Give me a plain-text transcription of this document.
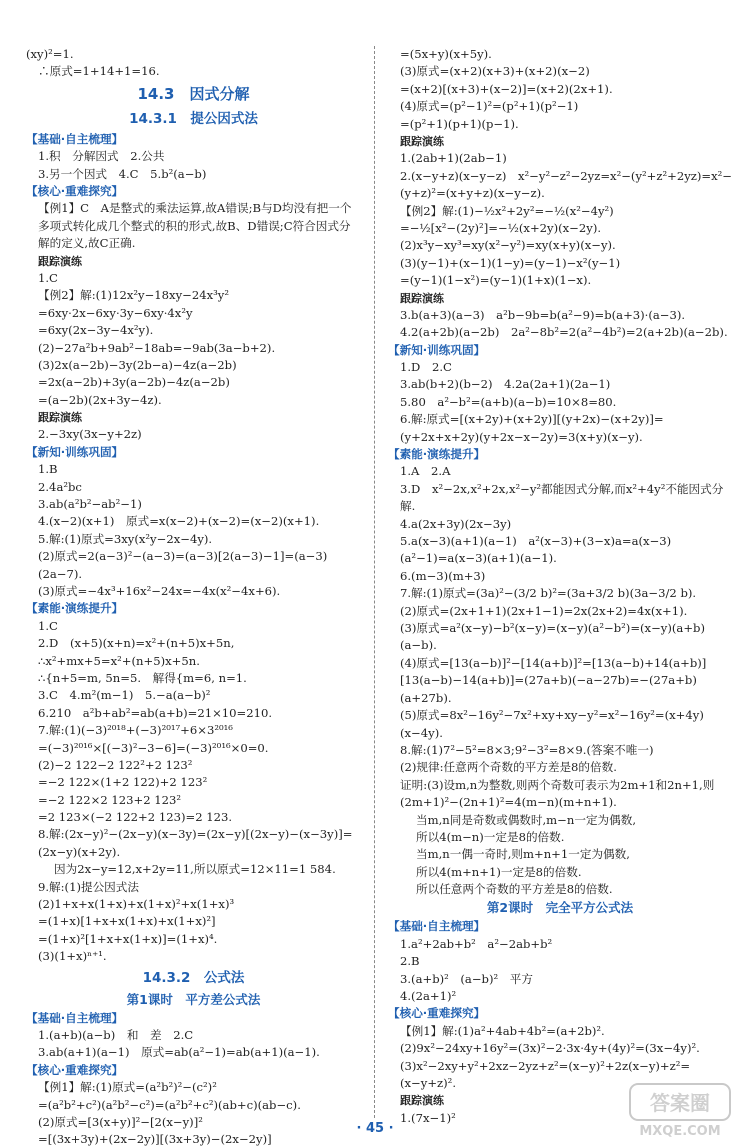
(xy)²=1.
∴原式=1+14+1=16.
14.3　因式分解
14.3.1　提公因式法
【基础·自主梳理】
1.积　分解因式　2.公共
3.另一个因式　4.C　5.b²(a−b)
【核心·重难探究】
【例1】C　A是整式的乘法运算,故A错误;B与D均没有把一个多项式转化成几个整式的积的形式,故B、D错误;C符合因式分解的定义,故C正确.
跟踪演练
1.C
【例2】解:(1)12x²y−18xy−24x³y²
=6xy·2x−6xy·3y−6xy·4x²y
=6xy(2x−3y−4x²y).
(2)−27a²b+9ab²−18ab=−9ab(3a−b+2).
(3)2x(a−2b)−3y(2b−a)−4z(a−2b)
=2x(a−2b)+3y(a−2b)−4z(a−2b)
=(a−2b)(2x+3y−4z).
跟踪演练
2.−3xy(3x−y+2z)
【新知·训练巩固】
1.B
2.4a²bc
3.ab(a²b²−ab²−1)
4.(x−2)(x+1)　原式=x(x−2)+(x−2)=(x−2)(x+1).
5.解:(1)原式=3xy(x²y−2x−4y).
(2)原式=2(a−3)²−(a−3)=(a−3)[2(a−3)−1]=(a−3)(2a−7).
(3)原式=−4x³+16x²−24x=−4x(x²−4x+6).
【素能·演练提升】
1.C
2.D　(x+5)(x+n)=x²+(n+5)x+5n,
∴x²+mx+5=x²+(n+5)x+5n.
∴{n+5=m, 5n=5.　解得{m=6, n=1.
3.C　4.m²(m−1)　5.−a(a−b)²
6.210　a²b+ab²=ab(a+b)=21×10=210.
7.解:(1)(−3)²⁰¹⁸+(−3)²⁰¹⁷+6×3²⁰¹⁶
=(−3)²⁰¹⁶×[(−3)²−3−6]=(−3)²⁰¹⁶×0=0.
(2)−2 122−2 122²+2 123²
=−2 122×(1+2 122)+2 123²
=−2 122×2 123+2 123²
=2 123×(−2 122+2 123)=2 123.
8.解:(2x−y)²−(2x−y)(x−3y)=(2x−y)[(2x−y)−(x−3y)]=(2x−y)(x+2y).
因为2x−y=12,x+2y=11,所以原式=12×11=1 584.
9.解:(1)提公因式法
(2)1+x+x(1+x)+x(1+x)²+x(1+x)³
=(1+x)[1+x+x(1+x)+x(1+x)²]
=(1+x)²[1+x+x(1+x)]=(1+x)⁴.
(3)(1+x)ⁿ⁺¹.
14.3.2　公式法
第1课时　平方差公式法
【基础·自主梳理】
1.(a+b)(a−b)　和　差　2.C
3.ab(a+1)(a−1)　原式=ab(a²−1)=ab(a+1)(a−1).
【核心·重难探究】
【例1】解:(1)原式=(a²b²)²−(c²)²
=(a²b²+c²)(a²b²−c²)=(a²b²+c²)(ab+c)(ab−c).
(2)原式=[3(x+y)]²−[2(x−y)]²
=[(3x+3y)+(2x−2y)][(3x+3y)−(2x−2y)]
=(5x+y)(x+5y).
(3)原式=(x+2)(x+3)+(x+2)(x−2)
=(x+2)[(x+3)+(x−2)]=(x+2)(2x+1).
(4)原式=(p²−1)²=(p²+1)(p²−1)
=(p²+1)(p+1)(p−1).
跟踪演练
1.(2ab+1)(2ab−1)
2.(x−y+z)(x−y−z)　x²−y²−z²−2yz=x²−(y²+z²+2yz)=x²−(y+z)²=(x+y+z)(x−y−z).
【例2】解:(1)−½x²+2y²=−½(x²−4y²)
=−½[x²−(2y)²]=−½(x+2y)(x−2y).
(2)x³y−xy³=xy(x²−y²)=xy(x+y)(x−y).
(3)(y−1)+(x−1)(1−y)=(y−1)−x²(y−1)
=(y−1)(1−x²)=(y−1)(1+x)(1−x).
跟踪演练
3.b(a+3)(a−3)　a²b−9b=b(a²−9)=b(a+3)·(a−3).
4.2(a+2b)(a−2b)　2a²−8b²=2(a²−4b²)=2(a+2b)(a−2b).
【新知·训练巩固】
1.D　2.C
3.ab(b+2)(b−2)　4.2a(2a+1)(2a−1)
5.80　a²−b²=(a+b)(a−b)=10×8=80.
6.解:原式=[(x+2y)+(x+2y)][(y+2x)−(x+2y)]=(y+2x+x+2y)(y+2x−x−2y)=3(x+y)(x−y).
【素能·演练提升】
1.A　2.A
3.D　x²−2x,x²+2x,x²−y²都能因式分解,而x²+4y²不能因式分解.
4.a(2x+3y)(2x−3y)
5.a(x−3)(a+1)(a−1)　a²(x−3)+(3−x)a=a(x−3)(a²−1)=a(x−3)(a+1)(a−1).
6.(m−3)(m+3)
7.解:(1)原式=(3a)²−(3/2 b)²=(3a+3/2 b)(3a−3/2 b).
(2)原式=(2x+1+1)(2x+1−1)=2x(2x+2)=4x(x+1).
(3)原式=a²(x−y)−b²(x−y)=(x−y)(a²−b²)=(x−y)(a+b)(a−b).
(4)原式=[13(a−b)]²−[14(a+b)]²=[13(a−b)+14(a+b)][13(a−b)−14(a+b)]=(27a+b)(−a−27b)=−(27a+b)(a+27b).
(5)原式=8x²−16y²−7x²+xy+xy−y²=x²−16y²=(x+4y)(x−4y).
8.解:(1)7²−5²=8×3;9²−3²=8×9.(答案不唯一)
(2)规律:任意两个奇数的平方差是8的倍数.
证明:(3)设m,n为整数,则两个奇数可表示为2m+1和2n+1,则(2m+1)²−(2n+1)²=4(m−n)(m+n+1).
当m,n同是奇数或偶数时,m−n一定为偶数,
所以4(m−n)一定是8的倍数.
当m,n一偶一奇时,则m+n+1一定为偶数,
所以4(m+n+1)一定是8的倍数.
所以任意两个奇数的平方差是8的倍数.
第2课时　完全平方公式法
【基础·自主梳理】
1.a²+2ab+b²　a²−2ab+b²
2.B
3.(a+b)²　(a−b)²　平方
4.(2a+1)²
【核心·重难探究】
【例1】解:(1)a²+4ab+4b²=(a+2b)².
(2)9x²−24xy+16y²=(3x)²−2·3x·4y+(4y)²=(3x−4y)².
(3)x²−2xy+y²+2xz−2yz+z²=(x−y)²+2z(x−y)+z²=(x−y+z)².
跟踪演练
1.(7x−1)²
· 45 ·
答案圈
MXQE.COM
